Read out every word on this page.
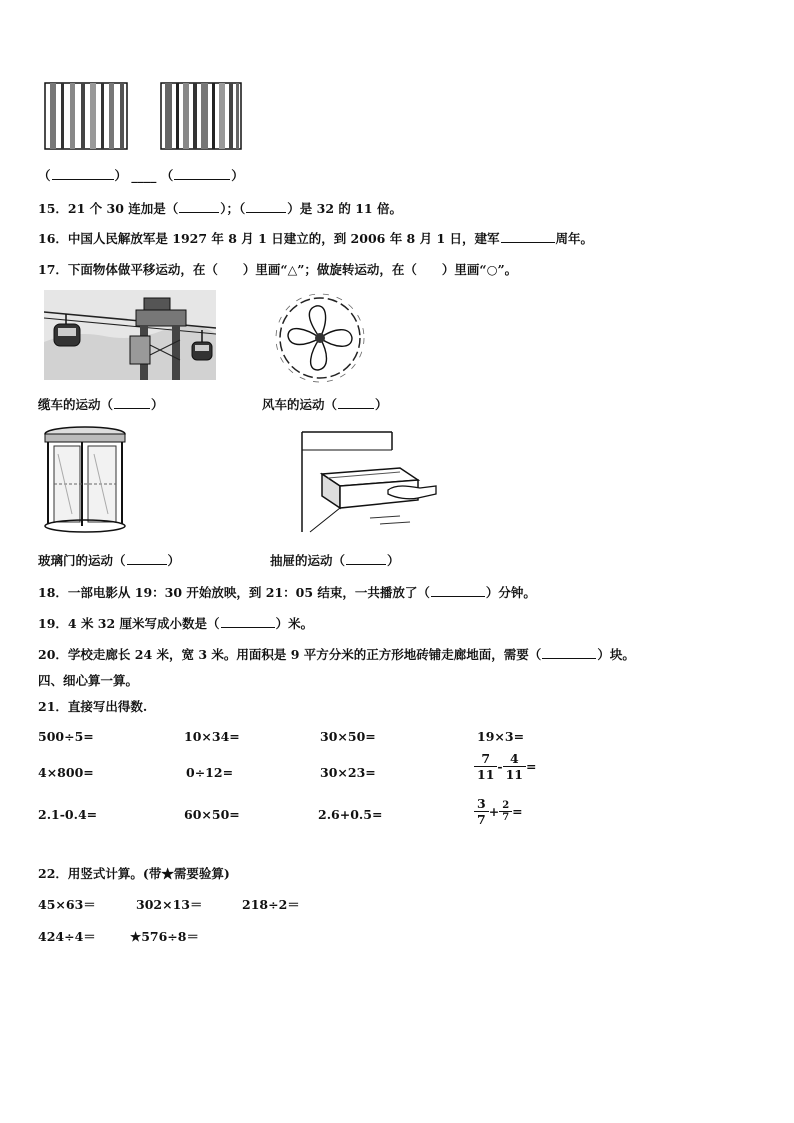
（	） ____ （	）
15．21 个 30 连加是（	）；（	）是 32 的 11 倍。
16．中国人民解放军是 1927 年 8 月 1 日建立的，到 2006 年 8 月 1 日，建军	周年。
17．下面物体做平移运动，在（　　）里画“△”；做旋转运动，在（　　）里画“○”。
缆车的运动（	）	风车的运动（	）
玻璃门的运动（	）	抽屉的运动（	）
18．一部电影从 19：30 开始放映，到 21：05 结束，一共播放了（	）分钟。
19．4 米 32 厘米写成小数是（	）米。
20．学校走廊长 24 米，宽 3 米。用面积是 9 平方分米的正方形地砖铺走廊地面，需要（	）块。
四、细心算一算。
21．直接写出得数.
500÷5=	10×34=	30×50=	19×3=
4×800=	0÷12=	30×23=	$\frac{7}{11} - \frac{4}{11}$ =
2.1-0.4=	60×50=	2.6+0.5=	$\frac{3}{7} + \frac{2}{7}$ =
22．用竖式计算。(带★需要验算)
45×63＝	302×13＝	218÷2＝
424÷4＝	★576÷8＝
